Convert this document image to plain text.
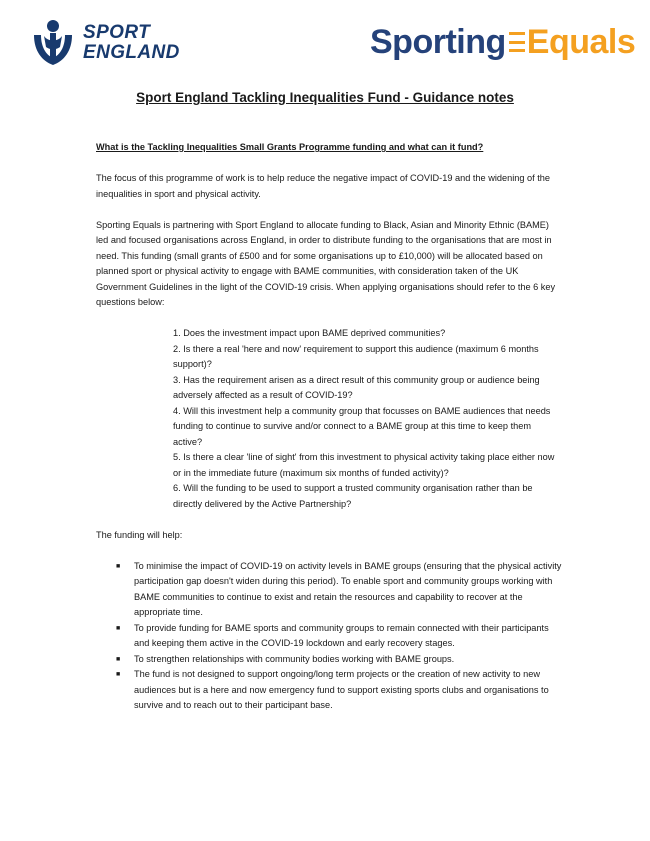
SPORT
ENGLAND	Sporting Equals
Sport England Tackling Inequalities Fund - Guidance notes

What is the Tackling Inequalities Small Grants Programme funding and what can it fund?

The focus of this programme of work is to help reduce the negative impact of COVID-19 and the widening of the inequalities in sport and physical activity.

Sporting Equals is partnering with Sport England to allocate funding to Black, Asian and Minority Ethnic (BAME) led and focused organisations across England, in order to distribute funding to the organisations that are most in need. This funding (small grants of £500 and for some organisations up to £10,000) will be allocated based on planned sport or physical activity to engage with BAME communities, with consideration taken of the UK Government Guidelines in the light of the COVID-19 crisis. When applying organisations should refer to the 6 key questions below:

1. Does the investment impact upon BAME deprived communities?
2. Is there a real 'here and now' requirement to support this audience (maximum 6 months support)?
3. Has the requirement arisen as a direct result of this community group or audience being adversely affected as a result of COVID-19?
4. Will this investment help a community group that focusses on BAME audiences that needs funding to continue to survive and/or connect to a BAME group at this time to keep them active?
5. Is there a clear 'line of sight' from this investment to physical activity taking place either now or in the immediate future (maximum six months of funded activity)?
6. Will the funding to be used to support a trusted community organisation rather than be directly delivered by the Active Partnership?

The funding will help:

■ To minimise the impact of COVID-19 on activity levels in BAME groups (ensuring that the physical activity participation gap doesn't widen during this period). To enable sport and community groups working with BAME communities to continue to exist and retain the resources and capability to recover at the appropriate time.
■ To provide funding for BAME sports and community groups to remain connected with their participants and keeping them active in the COVID-19 lockdown and early recovery stages.
■ To strengthen relationships with community bodies working with BAME groups.
■ The fund is not designed to support ongoing/long term projects or the creation of new activity to new audiences but is a here and now emergency fund to support existing sports clubs and organisations to survive and to reach out to their participant base.
